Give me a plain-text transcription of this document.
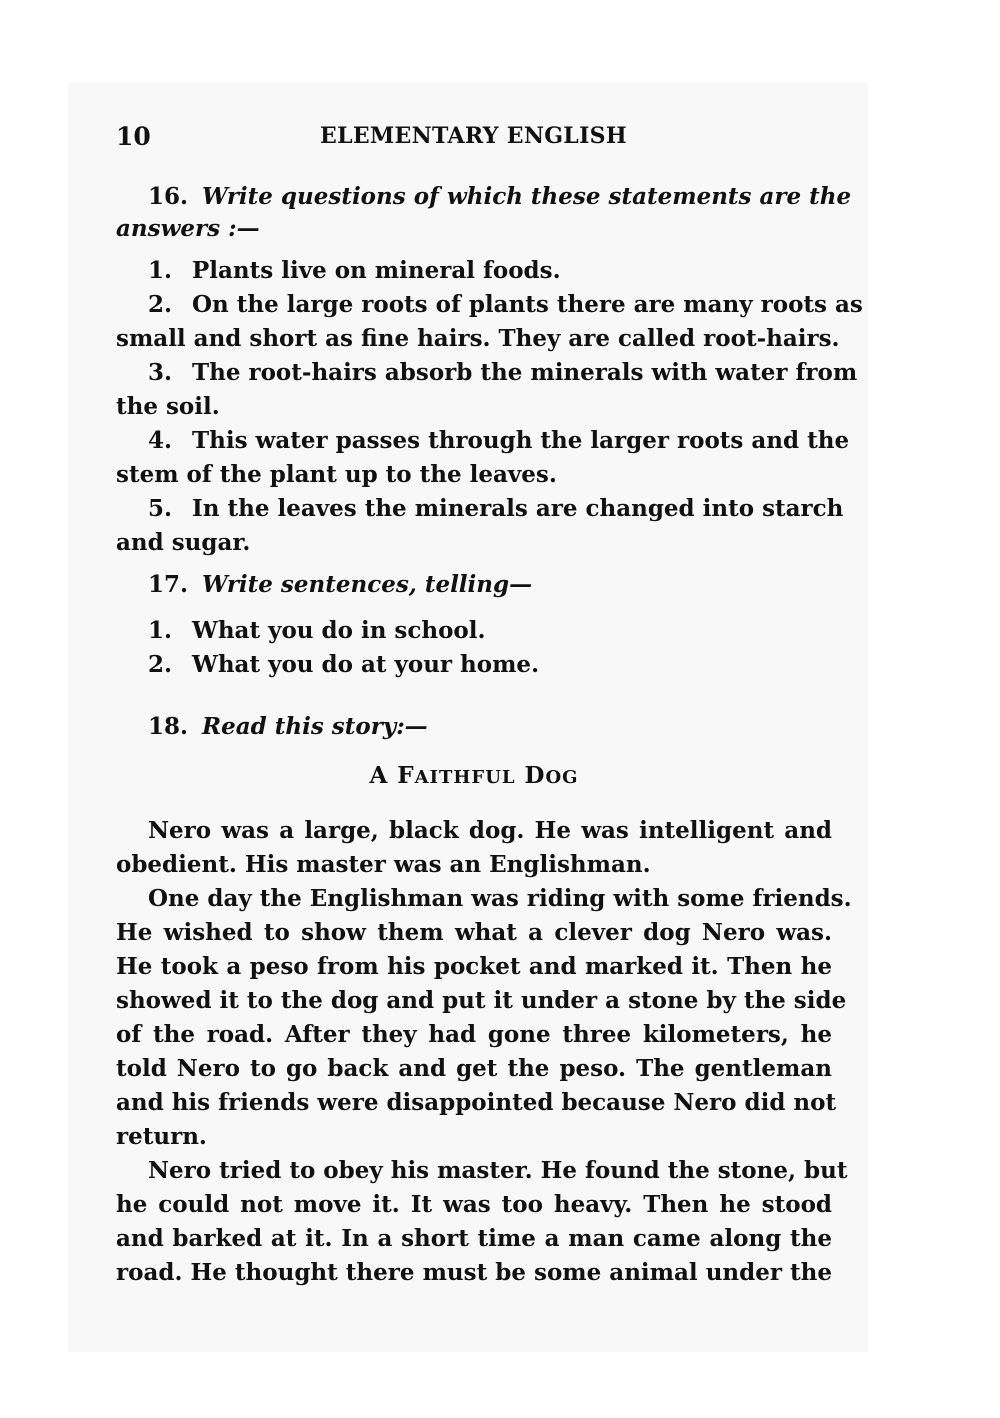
10	ELEMENTARY ENGLISH
16. Write questions of which these statements are the
answers :—
1. Plants live on mineral foods.
2. On the large roots of plants there are many roots as
small and short as fine hairs. They are called root-hairs.
3. The root-hairs absorb the minerals with water from
the soil.
4. This water passes through the larger roots and the
stem of the plant up to the leaves.
5. In the leaves the minerals are changed into starch
and sugar.
17. Write sentences, telling—
1. What you do in school.
2. What you do at your home.
18. Read this story:—
A FAITHFUL DOG
Nero was a large, black dog. He was intelligent and
obedient. His master was an Englishman.
One day the Englishman was riding with some friends.
He wished to show them what a clever dog Nero was.
He took a peso from his pocket and marked it. Then he
showed it to the dog and put it under a stone by the side
of the road. After they had gone three kilometers, he
told Nero to go back and get the peso. The gentleman
and his friends were disappointed because Nero did not
return.
Nero tried to obey his master. He found the stone, but
he could not move it. It was too heavy. Then he stood
and barked at it. In a short time a man came along the
road. He thought there must be some animal under the
